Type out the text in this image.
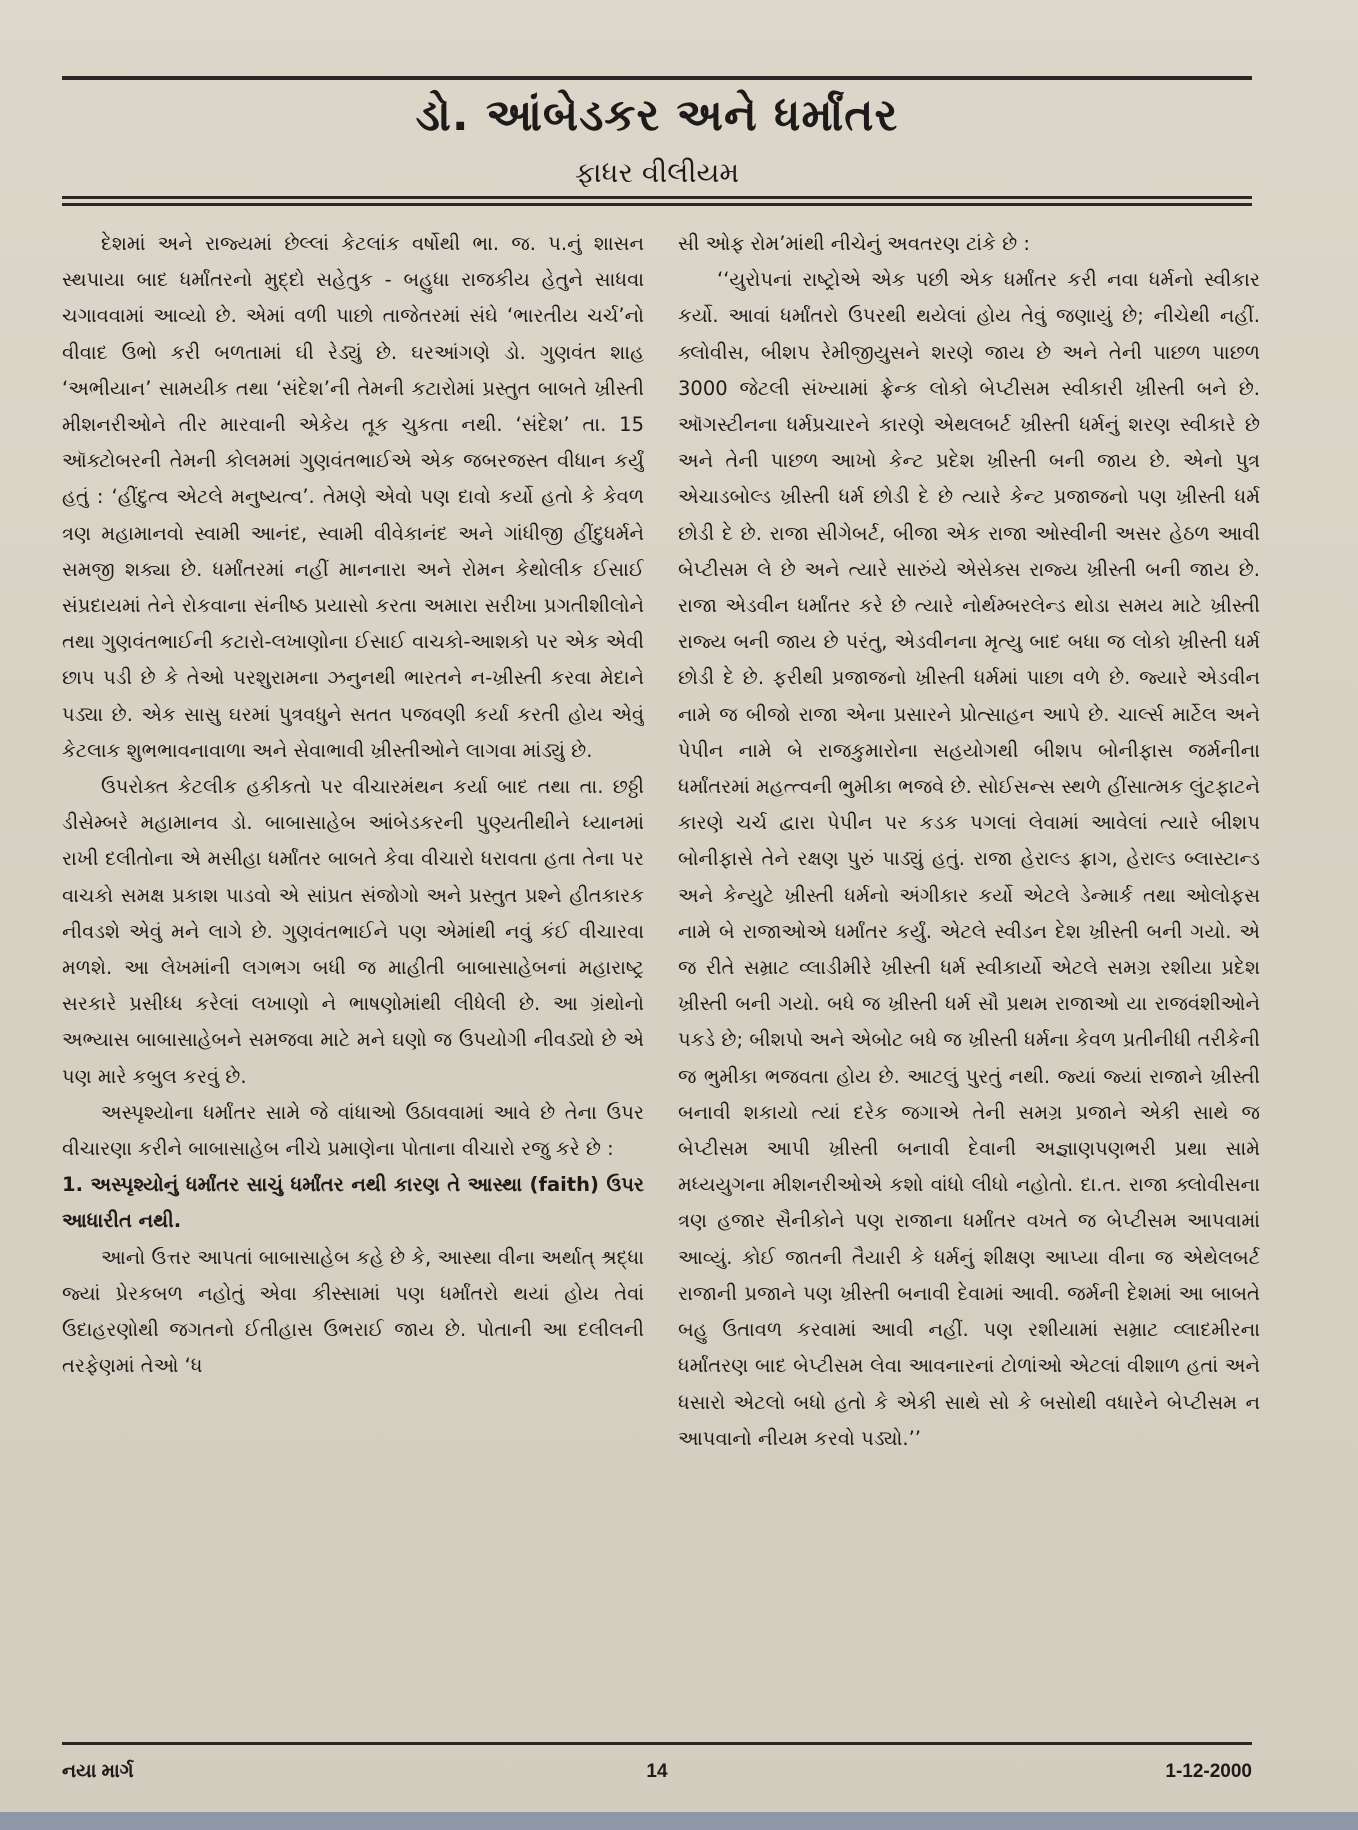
ડો. આંબેડકર અને ધર્માંતર
ફાધર વીલીયમ

દેશમાં અને રાજ્યમાં છેલ્લાં કેટલાંક વર્ષોથી ભા. જ. પ.નું શાસન સ્થપાયા બાદ ધર્માંતરનો મુદ્દો સહેતુક - બહુધા રાજકીય હેતુને સાધવા ચગાવવામાં આવ્યો છે. એમાં વળી પાછો તાજેતરમાં સંઘે ‘ભારતીય ચર્ચ’નો વીવાદ ઉભો કરી બળતામાં ઘી રેડ્યું છે. ઘરઆંગણે ડો. ગુણવંત શાહ ‘અભીયાન’ સામયીક તથા ‘સંદેશ’ની તેમની કટારોમાં પ્રસ્તુત બાબતે ખ્રીસ્તી મીશનરીઓને તીર મારવાની એકેય તૂક ચુકતા નથી. ‘સંદેશ’ તા. 15 ઑક્ટોબરની તેમની કોલમમાં ગુણવંતભાઈએ એક જબરજસ્ત વીધાન કર્યું હતું : ‘હીંદુત્વ એટલે મનુષ્યત્વ’. તેમણે એવો પણ દાવો કર્યો હતો કે કેવળ ત્રણ મહામાનવો સ્વામી આનંદ, સ્વામી વીવેકાનંદ અને ગાંધીજી હીંદુધર્મને સમજી શક્યા છે. ધર્માંતરમાં નહીં માનનારા અને રોમન કેથોલીક ઈસાઈ સંપ્રદાયમાં તેને રોકવાના સંનીષ્ઠ પ્રયાસો કરતા અમારા સરીખા પ્રગતીશીલોને તથા ગુણવંતભાઈની કટારો-લખાણોના ઈસાઈ વાચકો-આશકો પર એક એવી છાપ પડી છે કે તેઓ પરશુરામના ઝનુનથી ભારતને ન-ખ્રીસ્તી કરવા મેદાને પડ્યા છે. એક સાસુ ઘરમાં પુત્રવધુને સતત પજવણી કર્યા કરતી હોય એવું કેટલાક શુભભાવનાવાળા અને સેવાભાવી ખ્રીસ્તીઓને લાગવા માંડ્યું છે.

ઉપરોક્ત કેટલીક હકીકતો પર વીચારમંથન કર્યા બાદ તથા તા. છઠ્ઠી ડીસેમ્બરે મહામાનવ ડો. બાબાસાહેબ આંબેડકરની પુણ્યતીથીને ધ્યાનમાં રાખી દલીતોના એ મસીહા ધર્માંતર બાબતે કેવા વીચારો ધરાવતા હતા તેના પર વાચકો સમક્ષ પ્રકાશ પાડવો એ સાંપ્રત સંજોગો અને પ્રસ્તુત પ્રશ્ને હીતકારક નીવડશે એવું મને લાગે છે. ગુણવંતભાઈને પણ એમાંથી નવું કંઈ વીચારવા મળશે. આ લેખમાંની લગભગ બધી જ માહીતી બાબાસાહેબનાં મહારાષ્ટ્ર સરકારે પ્રસીધ્ધ કરેલાં લખાણો ને ભાષણોમાંથી લીધેલી છે. આ ગ્રંથોનો અભ્યાસ બાબાસાહેબને સમજવા માટે મને ઘણો જ ઉપયોગી નીવડ્યો છે એ પણ મારે કબુલ કરવું છે.

અસ્પૃશ્યોના ધર્માંતર સામે જે વાંધાઓ ઉઠાવવામાં આવે છે તેના ઉપર વીચારણા કરીને બાબાસાહેબ નીચે પ્રમાણેના પોતાના વીચારો રજુ કરે છે :

1. અસ્પૃશ્યોનું ધર્માંતર સાચું ધર્માંતર નથી કારણ તે આસ્થા (faith) ઉપર આધારીત નથી.

આનો ઉત્તર આપતાં બાબાસાહેબ કહે છે કે, આસ્થા વીના અર્થાત્ શ્રદ્ધા જ્યાં પ્રેરકબળ નહોતું એવા કીસ્સામાં પણ ધર્માંતરો થયાં હોય તેવાં ઉદાહરણોથી જગતનો ઈતીહાસ ઉભરાઈ જાય છે. પોતાની આ દલીલની તરફેણમાં તેઓ ‘ધ

સી ઓફ રોમ’માંથી નીચેનું અવતરણ ટાંકે છે :

‘‘યુરોપનાં રાષ્ટ્રોએ એક પછી એક ધર્માંતર કરી નવા ધર્મનો સ્વીકાર કર્યો. આવાં ધર્માંતરો ઉપરથી થયેલાં હોય તેવું જણાયું છે; નીચેથી નહીં. ક્લોવીસ, બીશપ રેમીજીયુસને શરણે જાય છે અને તેની પાછળ પાછળ 3000 જેટલી સંખ્યામાં ફ્રેન્ક લોકો બેપ્ટીસમ સ્વીકારી ખ્રીસ્તી બને છે. ઑગસ્ટીનના ધર્મપ્રચારને કારણે એથલબર્ટ ખ્રીસ્તી ધર્મનું શરણ સ્વીકારે છે અને તેની પાછળ આખો કેન્ટ પ્રદેશ ખ્રીસ્તી બની જાય છે. એનો પુત્ર એચાડબોલ્ડ ખ્રીસ્તી ધર્મ છોડી દે છે ત્યારે કેન્ટ પ્રજાજનો પણ ખ્રીસ્તી ધર્મ છોડી દે છે. રાજા સીગેબર્ટ, બીજા એક રાજા ઓસ્વીની અસર હેઠળ આવી બેપ્ટીસમ લે છે અને ત્યારે સારુંયે એસેક્સ રાજ્ય ખ્રીસ્તી બની જાય છે. રાજા એડવીન ધર્માંતર કરે છે ત્યારે નોર્થમ્બરલેન્ડ થોડા સમય માટે ખ્રીસ્તી રાજ્ય બની જાય છે પરંતુ, એડવીનના મૃત્યુ બાદ બધા જ લોકો ખ્રીસ્તી ધર્મ છોડી દે છે. ફરીથી પ્રજાજનો ખ્રીસ્તી ધર્મમાં પાછા વળે છે. જ્યારે એડવીન નામે જ બીજો રાજા એના પ્રસારને પ્રોત્સાહન આપે છે. ચાર્લ્સ માર્ટેલ અને પેપીન નામે બે રાજકુમારોના સહયોગથી બીશપ બોનીફાસ જર્મનીના ધર્માંતરમાં મહત્ત્વની ભુમીકા ભજવે છે. સોઈસન્સ સ્થળે હીંસાત્મક લુંટફાટને કારણે ચર્ચ દ્વારા પેપીન પર કડક પગલાં લેવામાં આવેલાં ત્યારે બીશપ બોનીફાસે તેને રક્ષણ પુરું પાડ્યું હતું. રાજા હેરાલ્ડ ફ્રાગ, હેરાલ્ડ બ્લાસ્ટાન્ડ અને કેન્યુટે ખ્રીસ્તી ધર્મનો અંગીકાર કર્યો એટલે ડેન્માર્ક તથા ઓલોફસ નામે બે રાજાઓએ ધર્માંતર કર્યું. એટલે સ્વીડન દેશ ખ્રીસ્તી બની ગયો. એ જ રીતે સમ્રાટ વ્લાડીમીરે ખ્રીસ્તી ધર્મ સ્વીકાર્યો એટલે સમગ્ર રશીયા પ્રદેશ ખ્રીસ્તી બની ગયો. બધે જ ખ્રીસ્તી ધર્મ સૌ પ્રથમ રાજાઓ યા રાજવંશીઓને પકડે છે; બીશપો અને એબોટ બધે જ ખ્રીસ્તી ધર્મના કેવળ પ્રતીનીધી તરીકેની જ ભુમીકા ભજવતા હોય છે. આટલું પુરતું નથી. જ્યાં જ્યાં રાજાને ખ્રીસ્તી બનાવી શકાયો ત્યાં દરેક જગાએ તેની સમગ્ર પ્રજાને એકી સાથે જ બેપ્ટીસમ આપી ખ્રીસ્તી બનાવી દેવાની અજ્ઞાણપણભરી પ્રથા સામે મધ્યયુગના મીશનરીઓએ કશો વાંધો લીધો નહોતો. દા.ત. રાજા ક્લોવીસના ત્રણ હજાર સૈનીકોને પણ રાજાના ધર્માંતર વખતે જ બેપ્ટીસમ આપવામાં આવ્યું. કોઈ જાતની તૈયારી કે ધર્મનું શીક્ષણ આપ્યા વીના જ એથેલબર્ટ રાજાની પ્રજાને પણ ખ્રીસ્તી બનાવી દેવામાં આવી. જર્મની દેશમાં આ બાબતે બહુ ઉતાવળ કરવામાં આવી નહીં. પણ રશીયામાં સમ્રાટ વ્લાદમીરના ધર્માંતરણ બાદ બેપ્ટીસમ લેવા આવનારનાં ટોળાંઓ એટલાં વીશાળ હતાં અને ધસારો એટલો બધો હતો કે એકી સાથે સો કે બસોથી વધારેને બેપ્ટીસમ ન આપવાનો નીયમ કરવો પડ્યો.’’

નયા માર્ગ	14	1-12-2000
